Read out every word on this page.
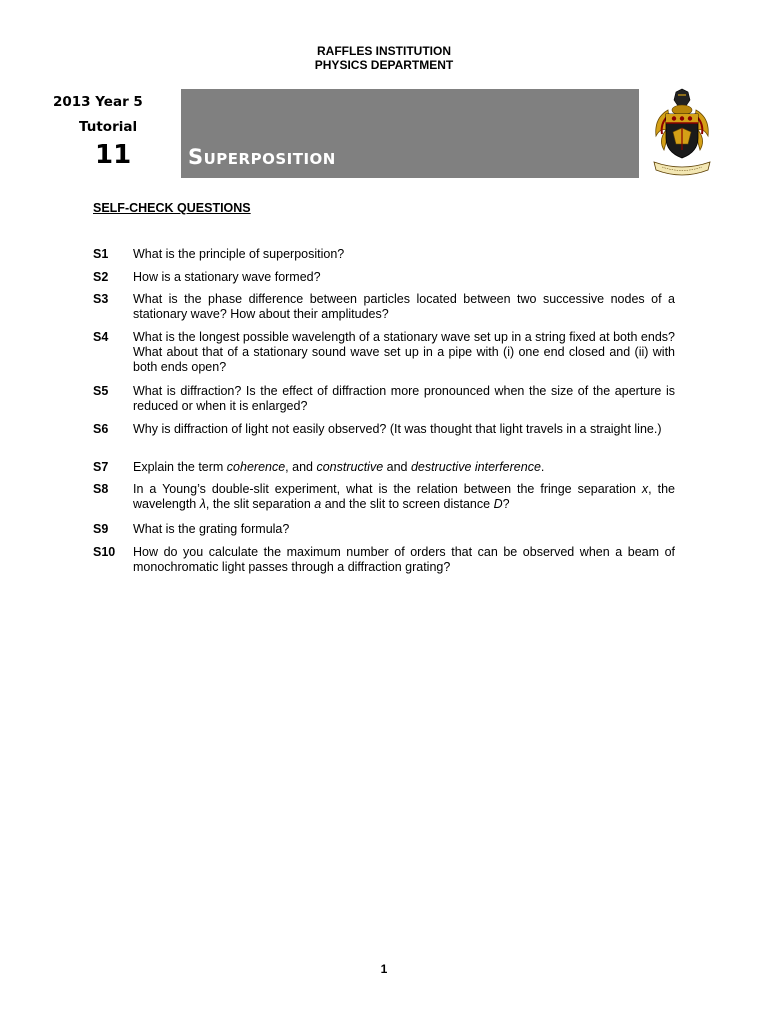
RAFFLES INSTITUTION
PHYSICS DEPARTMENT
2013 Year 5
Tutorial
11	Superposition
SELF-CHECK QUESTIONS
S1 What is the principle of superposition?
S2 How is a stationary wave formed?
S3 What is the phase difference between particles located between two successive nodes of a stationary wave? How about their amplitudes?
S4 What is the longest possible wavelength of a stationary wave set up in a string fixed at both ends? What about that of a stationary sound wave set up in a pipe with (i) one end closed and (ii) with both ends open?
S5 What is diffraction? Is the effect of diffraction more pronounced when the size of the aperture is reduced or when it is enlarged?
S6 Why is diffraction of light not easily observed? (It was thought that light travels in a straight line.)
S7 Explain the term coherence, and constructive and destructive interference.
S8 In a Young’s double-slit experiment, what is the relation between the fringe separation x, the wavelength λ, the slit separation a and the slit to screen distance D?
S9 What is the grating formula?
S10 How do you calculate the maximum number of orders that can be observed when a beam of monochromatic light passes through a diffraction grating?
1
